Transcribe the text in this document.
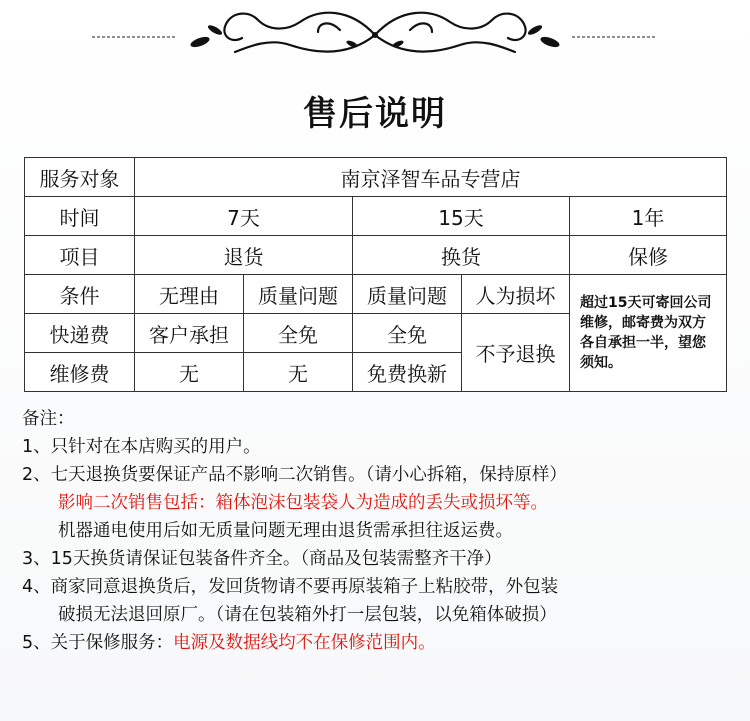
售后说明
服务对象	南京泽智车品专营店				
时间	7天		15天		1年
项目	退货		换货		保修
条件	无理由	质量问题	质量问题	人为损坏	超过15天可寄回公司维修，邮寄费为双方各自承担一半，望您须知。
快递费	客户承担	全免	全免	不予退换	
维修费	无	无	免费换新		
备注：
1、只针对在本店购买的用户。
2、七天退换货要保证产品不影响二次销售。（请小心拆箱，保持原样）
影响二次销售包括：箱体泡沫包装袋人为造成的丢失或损坏等。
机器通电使用后如无质量问题无理由退货需承担往返运费。
3、15天换货请保证包装备件齐全。（商品及包装需整齐干净）
4、商家同意退换货后，发回货物请不要再原装箱子上粘胶带，外包装
破损无法退回原厂。（请在包装箱外打一层包装，以免箱体破损）
5、关于保修服务：电源及数据线均不在保修范围内。
